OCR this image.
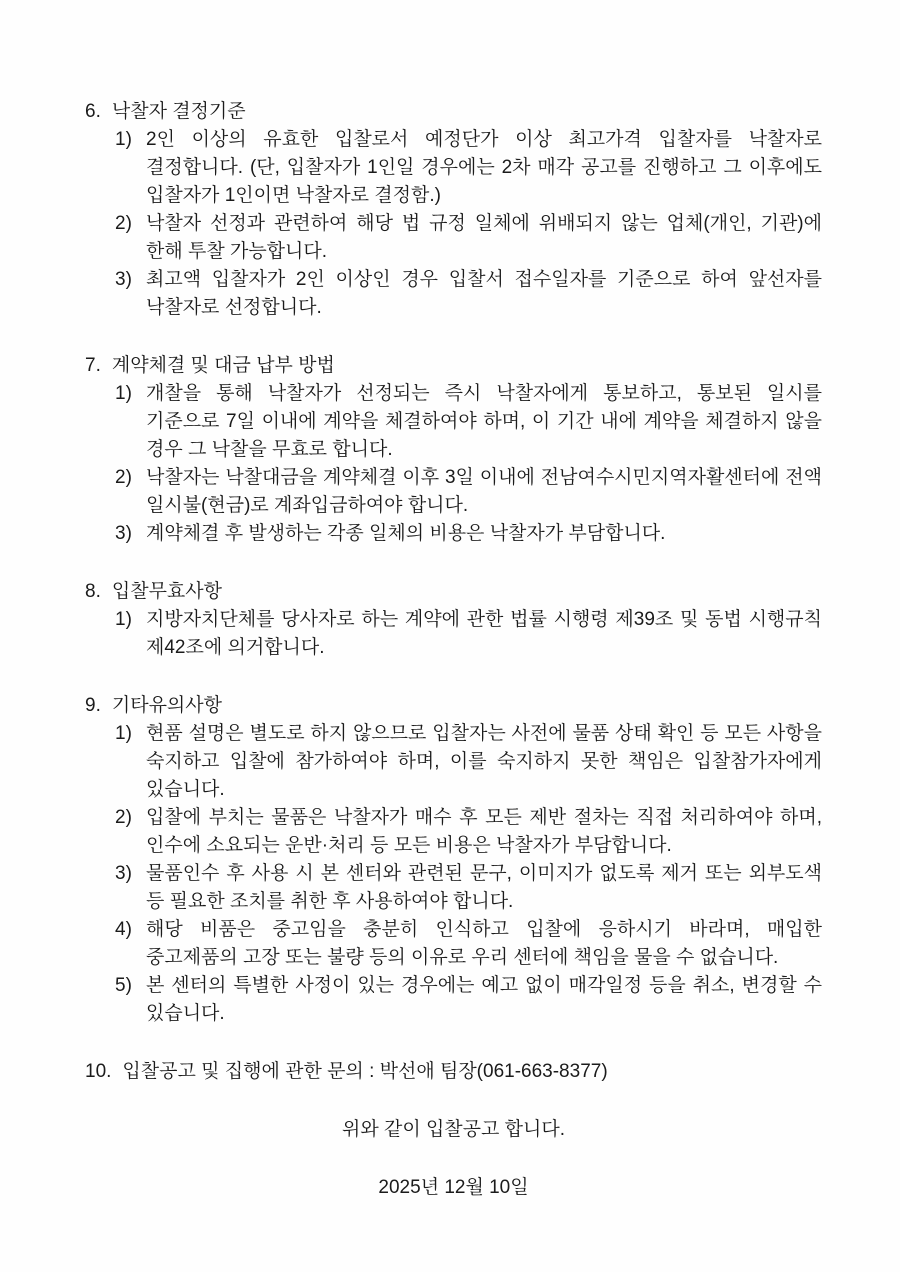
6. 낙찰자 결정기준
1) 2인 이상의 유효한 입찰로서 예정단가 이상 최고가격 입찰자를 낙찰자로 결정합니다. (단, 입찰자가 1인일 경우에는 2차 매각 공고를 진행하고 그 이후에도 입찰자가 1인이면 낙찰자로 결정함.)
2) 낙찰자 선정과 관련하여 해당 법 규정 일체에 위배되지 않는 업체(개인, 기관)에 한해 투찰 가능합니다.
3) 최고액 입찰자가 2인 이상인 경우 입찰서 접수일자를 기준으로 하여 앞선자를 낙찰자로 선정합니다.
7. 계약체결 및 대금 납부 방법
1) 개찰을 통해 낙찰자가 선정되는 즉시 낙찰자에게 통보하고, 통보된 일시를 기준으로 7일 이내에 계약을 체결하여야 하며, 이 기간 내에 계약을 체결하지 않을 경우 그 낙찰을 무효로 합니다.
2) 낙찰자는 낙찰대금을 계약체결 이후 3일 이내에 전남여수시민지역자활센터에 전액 일시불(현금)로 계좌입금하여야 합니다.
3) 계약체결 후 발생하는 각종 일체의 비용은 낙찰자가 부담합니다.
8. 입찰무효사항
1) 지방자치단체를 당사자로 하는 계약에 관한 법률 시행령 제39조 및 동법 시행규칙 제42조에 의거합니다.
9. 기타유의사항
1) 현품 설명은 별도로 하지 않으므로 입찰자는 사전에 물품 상태 확인 등 모든 사항을 숙지하고 입찰에 참가하여야 하며, 이를 숙지하지 못한 책임은 입찰참가자에게 있습니다.
2) 입찰에 부치는 물품은 낙찰자가 매수 후 모든 제반 절차는 직접 처리하여야 하며, 인수에 소요되는 운반·처리 등 모든 비용은 낙찰자가 부담합니다.
3) 물품인수 후 사용 시 본 센터와 관련된 문구, 이미지가 없도록 제거 또는 외부도색 등 필요한 조치를 취한 후 사용하여야 합니다.
4) 해당 비품은 중고임을 충분히 인식하고 입찰에 응하시기 바라며, 매입한 중고제품의 고장 또는 불량 등의 이유로 우리 센터에 책임을 물을 수 없습니다.
5) 본 센터의 특별한 사정이 있는 경우에는 예고 없이 매각일정 등을 취소, 변경할 수 있습니다.
10. 입찰공고 및 집행에 관한 문의 : 박선애 팀장(061-663-8377)
위와 같이 입찰공고 합니다.
2025년 12월 10일
